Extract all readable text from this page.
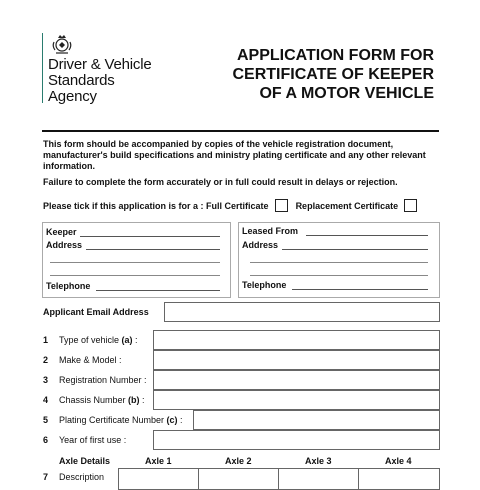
Driver & Vehicle
Standards
Agency
APPLICATION FORM FOR
CERTIFICATE OF KEEPER
OF A MOTOR VEHICLE
This form should be accompanied by copies of the vehicle registration document, manufacturer's build specifications and ministry plating certificate and any other relevant information.
Failure to complete the form accurately or in full could result in delays or rejection.
Please tick if this application is for a : Full Certificate	Replacement Certificate
Keeper
Address
Telephone
Leased From
Address
Telephone
Applicant Email Address
1 Type of vehicle (a) :
2 Make & Model :
3 Registration Number :
4 Chassis Number (b) :
5 Plating Certificate Number (c) :
6 Year of first use :
Axle Details	Axle 1	Axle 2	Axle 3	Axle 4
7 Description
